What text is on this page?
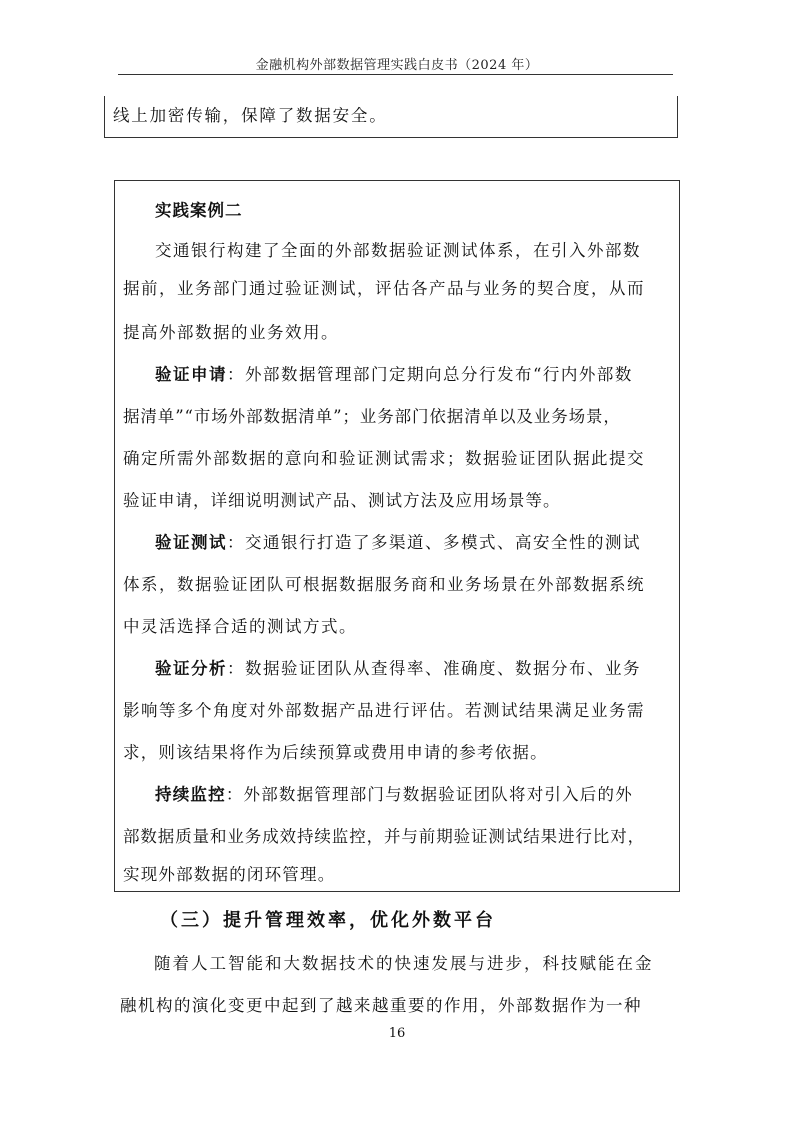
金融机构外部数据管理实践白皮书（2024 年）
线上加密传输，保障了数据安全。
实践案例二
交通银行构建了全面的外部数据验证测试体系，在引入外部数
据前，业务部门通过验证测试，评估各产品与业务的契合度，从而
提高外部数据的业务效用。
验证申请：外部数据管理部门定期向总分行发布“行内外部数
据清单”“市场外部数据清单”；业务部门依据清单以及业务场景，
确定所需外部数据的意向和验证测试需求；数据验证团队据此提交
验证申请，详细说明测试产品、测试方法及应用场景等。
验证测试：交通银行打造了多渠道、多模式、高安全性的测试
体系，数据验证团队可根据数据服务商和业务场景在外部数据系统
中灵活选择合适的测试方式。
验证分析：数据验证团队从查得率、准确度、数据分布、业务
影响等多个角度对外部数据产品进行评估。若测试结果满足业务需
求，则该结果将作为后续预算或费用申请的参考依据。
持续监控：外部数据管理部门与数据验证团队将对引入后的外
部数据质量和业务成效持续监控，并与前期验证测试结果进行比对，
实现外部数据的闭环管理。
（三）提升管理效率，优化外数平台
随着人工智能和大数据技术的快速发展与进步，科技赋能在金
融机构的演化变更中起到了越来越重要的作用，外部数据作为一种
16
